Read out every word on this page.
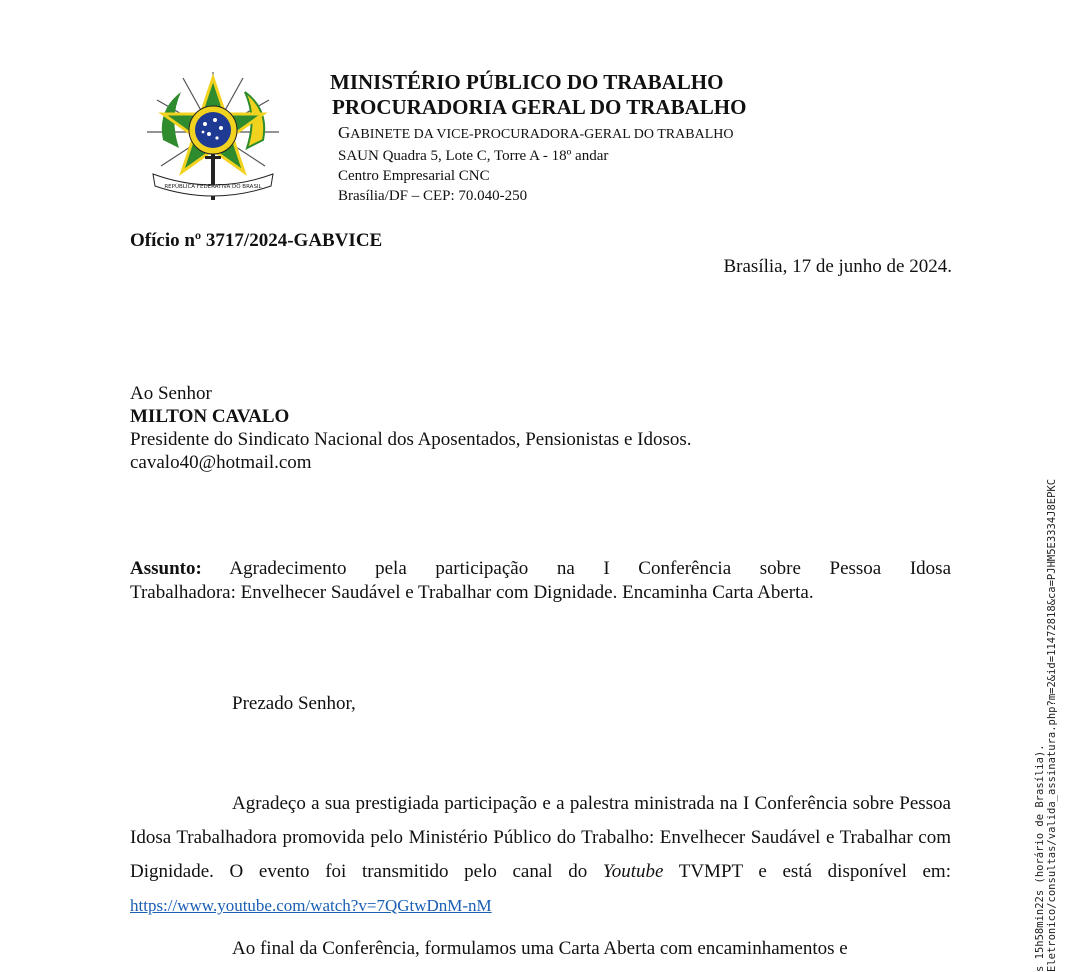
REPÚBLICA FEDERATIVA DO BRASIL
MINISTÉRIO PÚBLICO DO TRABALHO
PROCURADORIA GERAL DO TRABALHO
GABINETE DA VICE-PROCURADORA-GERAL DO TRABALHO
SAUN Quadra 5, Lote C, Torre A - 18º andar
Centro Empresarial CNC
Brasília/DF – CEP: 70.040-250
Ofício nº 3717/2024-GABVICE
Brasília, 17 de junho de 2024.
Ao Senhor
MILTON CAVALO
Presidente do Sindicato Nacional dos Aposentados, Pensionistas e Idosos.
cavalo40@hotmail.com
Assunto: Agradecimento pela participação na I Conferência sobre Pessoa Idosa
Trabalhadora: Envelhecer Saudável e Trabalhar com Dignidade. Encaminha Carta Aberta.
Prezado Senhor,

Agradeço a sua prestigiada participação e a palestra ministrada na I Conferência sobre Pessoa Idosa Trabalhadora promovida pelo Ministério Público do Trabalho: Envelhecer Saudável e Trabalhar com Dignidade. O evento foi transmitido pelo canal do Youtube TVMPT e está disponível em: https://www.youtube.com/watch?v=7QGtwDnM-nM

Ao final da Conferência, formulamos uma Carta Aberta com encaminhamentos e	s 15h58min22s (horário de Brasília). Eletronico/consultas/valida_assinatura.php?m=2&id=11472818&ca=PJHM5E3334J8EPKC
